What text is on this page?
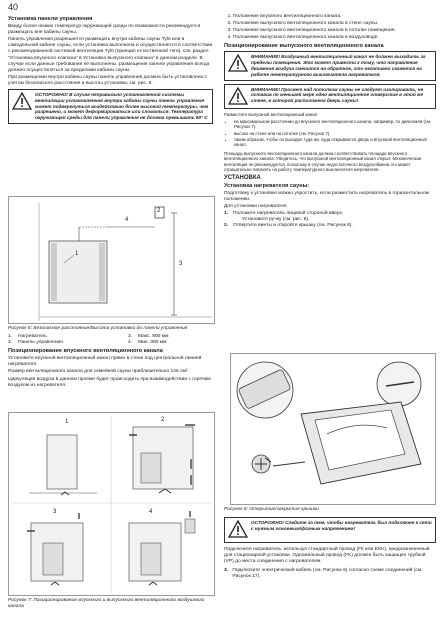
40
Установка панели управления

Ввиду более низких температур окружающей среды по возможности рекомендуется размещать вне кабины сауны.

Панель управления разрешается размещать внутри кабины сауны Tylö или в самодельной кабине сауны, если установка выполнена и осуществляется в соответствии с рекомендованной системой вентиляции Tylö (принцип естественной тяги). См. раздел “Установка впускного клапана” в Установка выпускного клапана” в данном разделе. В случае если данные требования не выполнены, размещение панели управления всегда должно осуществляться за пределами кабины сауны.

При размещении внутри кабины сауны панель управления должна быть установлена с учетом безопасного расстояния и высоты установки, см. рис. 6.

ОСТОРОЖНО! В случае неправильно установленной системы вентиляции установленная внутри кабины сауны панель управления может подвергнуться воздействию более высокой температуры, чем разрешено, и может деформироваться или сломаться. Температура окружающей среды для панели управления не должна превышать 80° C
4
2
1
3
Рисунок 6: Безопасное расстояние/Высота установки до панели управления
1.	Нагреватель	3.	Макс. 800 мм
2.	Панель управления	4.	Мин. 300 мм
Позиционирование впускного вентиляционного канала

Установите впускной вентиляционный канал прямо в стене под центральной линией нагревателя.

Размер вентиляционного канала для семейной сауны приблизительно 125 см².

Циркуляция воздуха в данном проеме будет происходить при взаимодействии с горячим воздухом из нагревателя.

1	2
3	4
Рисунок 7: Позиционирование впускного и выпускного вентиляционного воздушного канала
1. Положение впускного вентиляционного канала.
2. Положение выпускного вентиляционного канала в стене сауны.
3. Положение выпускного вентиляционного канала в потолке помещения.
4. Положение выпускного вентиляционного канала в воздуховоде.
Позиционирование выпускного вентиляционного канала
ВНИМАНИЕ! Воздушный вентиляционный канал не должен выходить за пределы помещения. Это может привести к тому, что направление движения воздуха сменится на обратное, что негативно скажется на работе температурного выключателя нагревателя.
ВНИМАНИЕ! Просвет над потолком сауны не следует изолировать, не оставив по меньшей мере одно вентиляционное отверстие в этой же стене, в которой расположена дверь сауны!

Разместите выпускной вентиляционный канал

• на максимальном расстоянии до впускного вентиляционного канала, например, по диагонали (см. Рисунок 7).
• высоко на стене или на потолке (см. Рисунок 7).
• таким образом, чтобы он выходил туда же, куда открывается дверь и впускной вентиляционный канал.

Площадь выпускного вентиляционного канала должна соответствовать площади впускного вентиляционного канала. Убедитесь, что выпускной вентиляционный канал открыт. Механическая вентиляция не рекомендуется, поскольку в случае недостаточного воздухообмена это может отрицательно повлиять на работу температурного выключателя нагревателя.

УСТАНОВКА
Установка нагревателя сауны:

Подготовку к установке можно упростить, если разместить нагреватель в горизонтальном положении.

Для установки нагревателя:

1.	Положите нагреватель лицевой стороной вверх.
Установите ручку (см. рис. 8).
2.	Отвертите винты и откройте крышку (см. Рисунок 8).
Рисунок 8: Открытие/закрытие крышки
ОСТОРОЖНО! Следите за тем, чтобы нагреватель был подключен к сети с нужным основным/фазным напряжением!

Подключите нагреватель, используя стандартный провод (Fk или EKK), предназначенный для стационарной установки. Одножильный провод (FK) должен быть защищен трубкой (VP) до места соединения с нагревателем.

3. Подключите электрический кабель (см. Рисунок 9) согласно схеме соединений (см. Рисунок 17).
